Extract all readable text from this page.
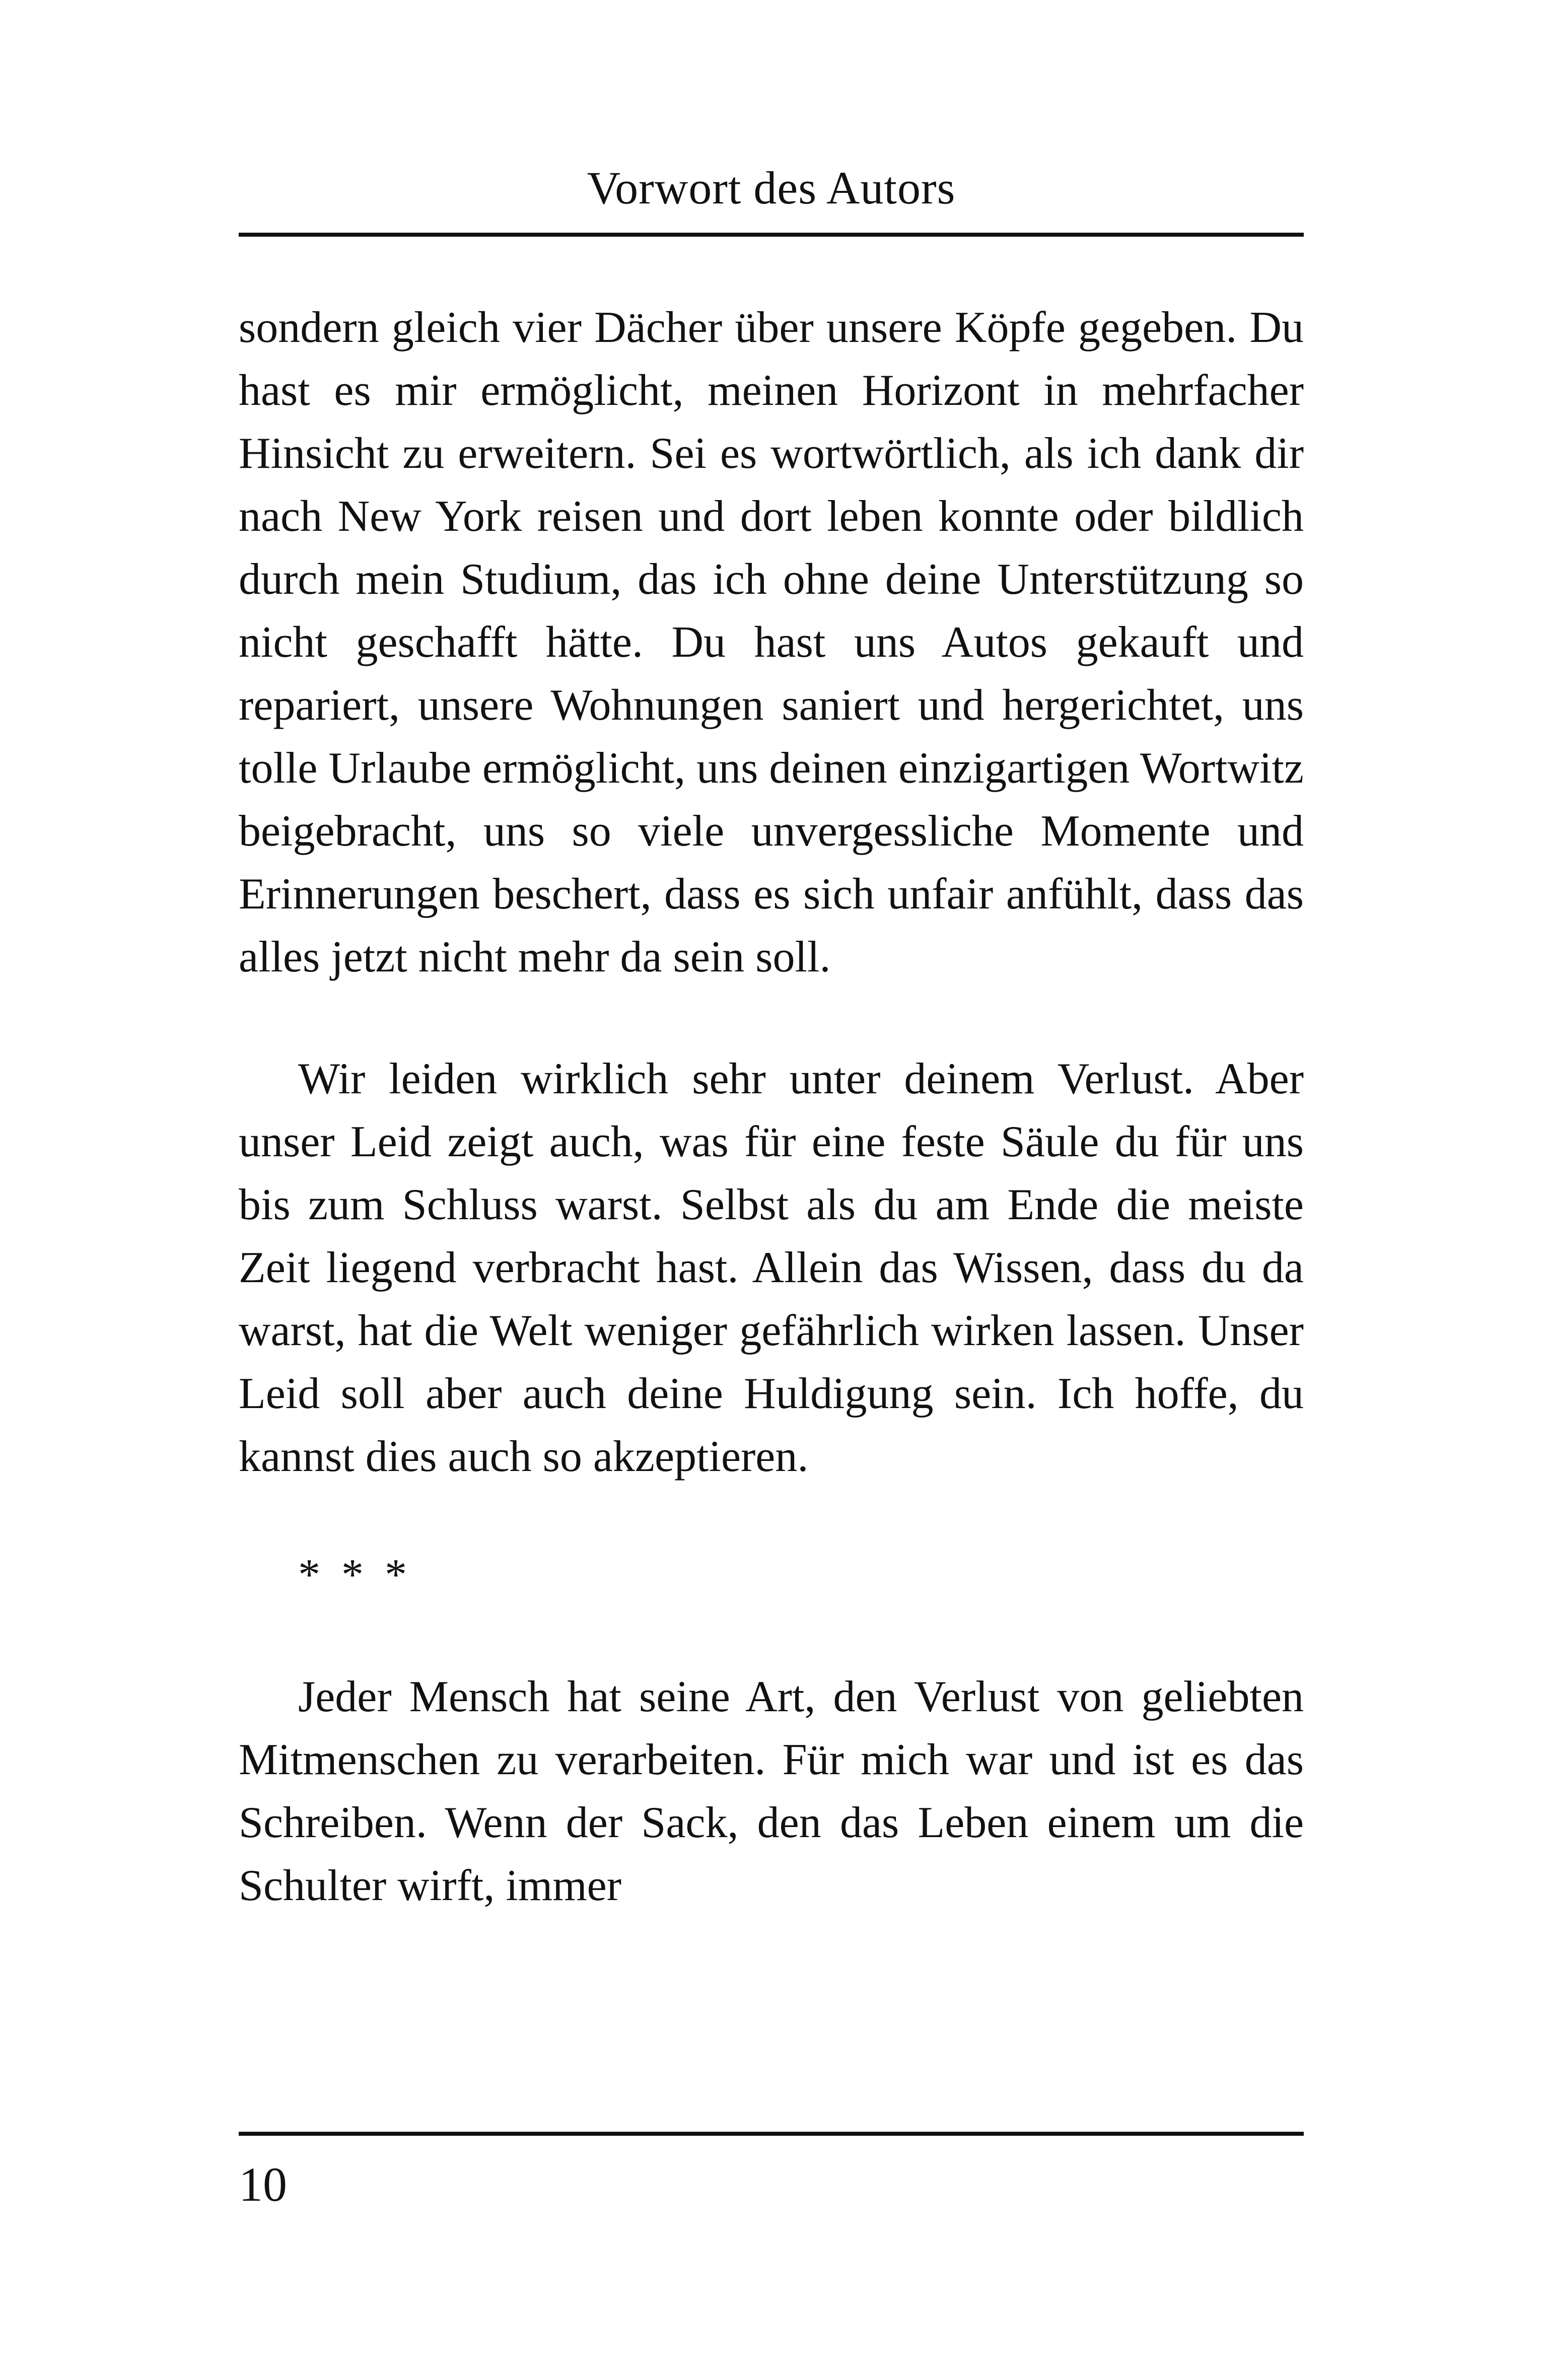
Vorwort des Autors

sondern gleich vier Dächer über unsere Köpfe gegeben. Du hast es mir ermöglicht, meinen Horizont in mehrfacher Hinsicht zu erweitern. Sei es wortwörtlich, als ich dank dir nach New York reisen und dort leben konnte oder bildlich durch mein Studium, das ich ohne deine Unterstützung so nicht geschafft hätte. Du hast uns Autos gekauft und repariert, unsere Wohnungen saniert und hergerichtet, uns tolle Urlaube ermöglicht, uns deinen einzigartigen Wortwitz beigebracht, uns so viele unvergessliche Momente und Erinnerungen beschert, dass es sich unfair anfühlt, dass das alles jetzt nicht mehr da sein soll.

Wir leiden wirklich sehr unter deinem Verlust. Aber unser Leid zeigt auch, was für eine feste Säule du für uns bis zum Schluss warst. Selbst als du am Ende die meiste Zeit liegend verbracht hast. Allein das Wissen, dass du da warst, hat die Welt weniger gefährlich wirken lassen. Unser Leid soll aber auch deine Huldigung sein. Ich hoffe, du kannst dies auch so akzeptieren.

* * *

Jeder Mensch hat seine Art, den Verlust von geliebten Mitmenschen zu verarbeiten. Für mich war und ist es das Schreiben. Wenn der Sack, den das Leben einem um die Schulter wirft, immer

10
